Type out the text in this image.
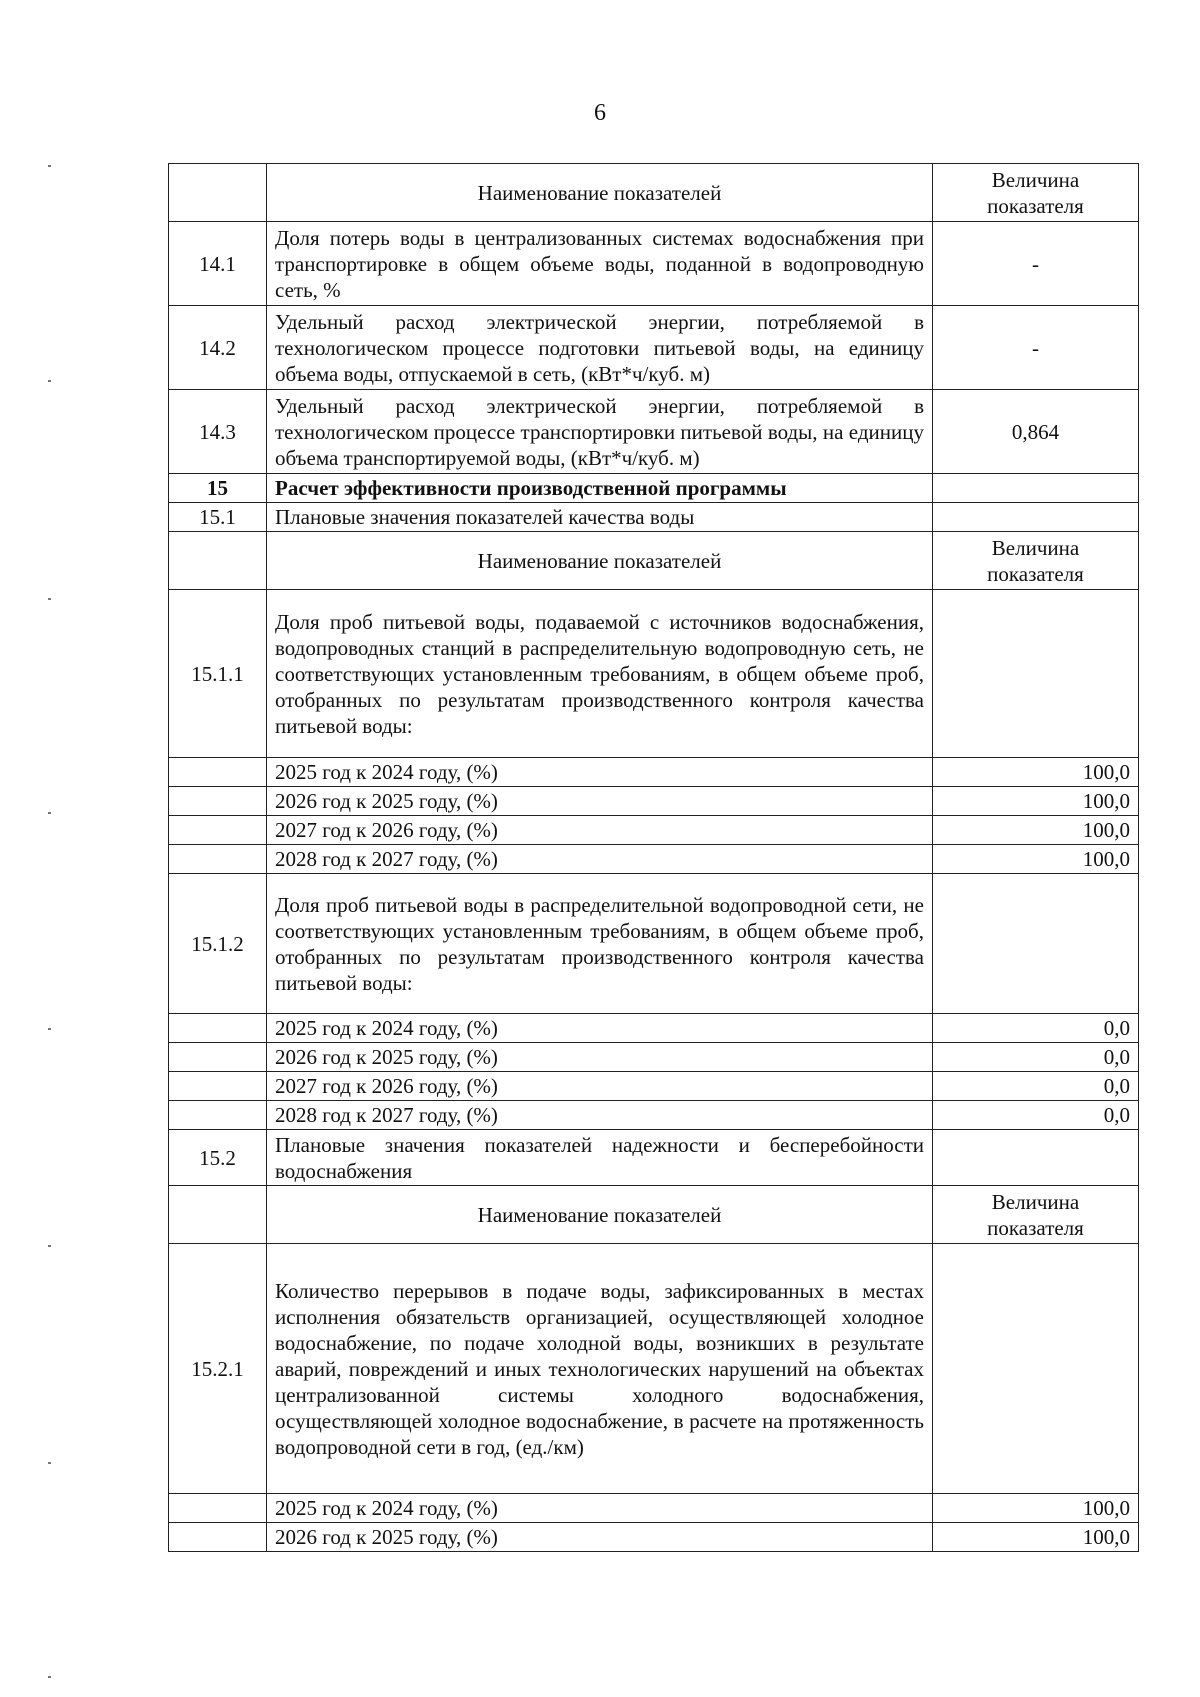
6
	Наименование показателей	Величина показателя
14.1	Доля потерь воды в централизованных системах водоснабжения при транспортировке в общем объеме воды, поданной в водопроводную сеть, %	-
14.2	Удельный расход электрической энергии, потребляемой в технологическом процессе подготовки питьевой воды, на единицу объема воды, отпускаемой в сеть, (кВт*ч/куб. м)	-
14.3	Удельный расход электрической энергии, потребляемой в технологическом процессе транспортировки питьевой воды, на единицу объема транспортируемой воды, (кВт*ч/куб. м)	0,864
15	Расчет эффективности производственной программы	
15.1	Плановые значения показателей качества воды	
	Наименование показателей	Величина показателя
15.1.1	Доля проб питьевой воды, подаваемой с источников водоснабжения, водопроводных станций в распределительную водопроводную сеть, не соответствующих установленным требованиям, в общем объеме проб, отобранных по результатам производственного контроля качества питьевой воды:	
	2025 год к 2024 году, (%)	100,0
	2026 год к 2025 году, (%)	100,0
	2027 год к 2026 году, (%)	100,0
	2028 год к 2027 году, (%)	100,0
15.1.2	Доля проб питьевой воды в распределительной водопроводной сети, не соответствующих установленным требованиям, в общем объеме проб, отобранных по результатам производственного контроля качества питьевой воды:	
	2025 год к 2024 году, (%)	0,0
	2026 год к 2025 году, (%)	0,0
	2027 год к 2026 году, (%)	0,0
	2028 год к 2027 году, (%)	0,0
15.2	Плановые значения показателей надежности и бесперебойности водоснабжения	
	Наименование показателей	Величина показателя
15.2.1	Количество перерывов в подаче воды, зафиксированных в местах исполнения обязательств организацией, осуществляющей холодное водоснабжение, по подаче холодной воды, возникших в результате аварий, повреждений и иных технологических нарушений на объектах централизованной системы холодного водоснабжения, осуществляющей холодное водоснабжение, в расчете на протяженность водопроводной сети в год, (ед./км)	
	2025 год к 2024 году, (%)	100,0
	2026 год к 2025 году, (%)	100,0
